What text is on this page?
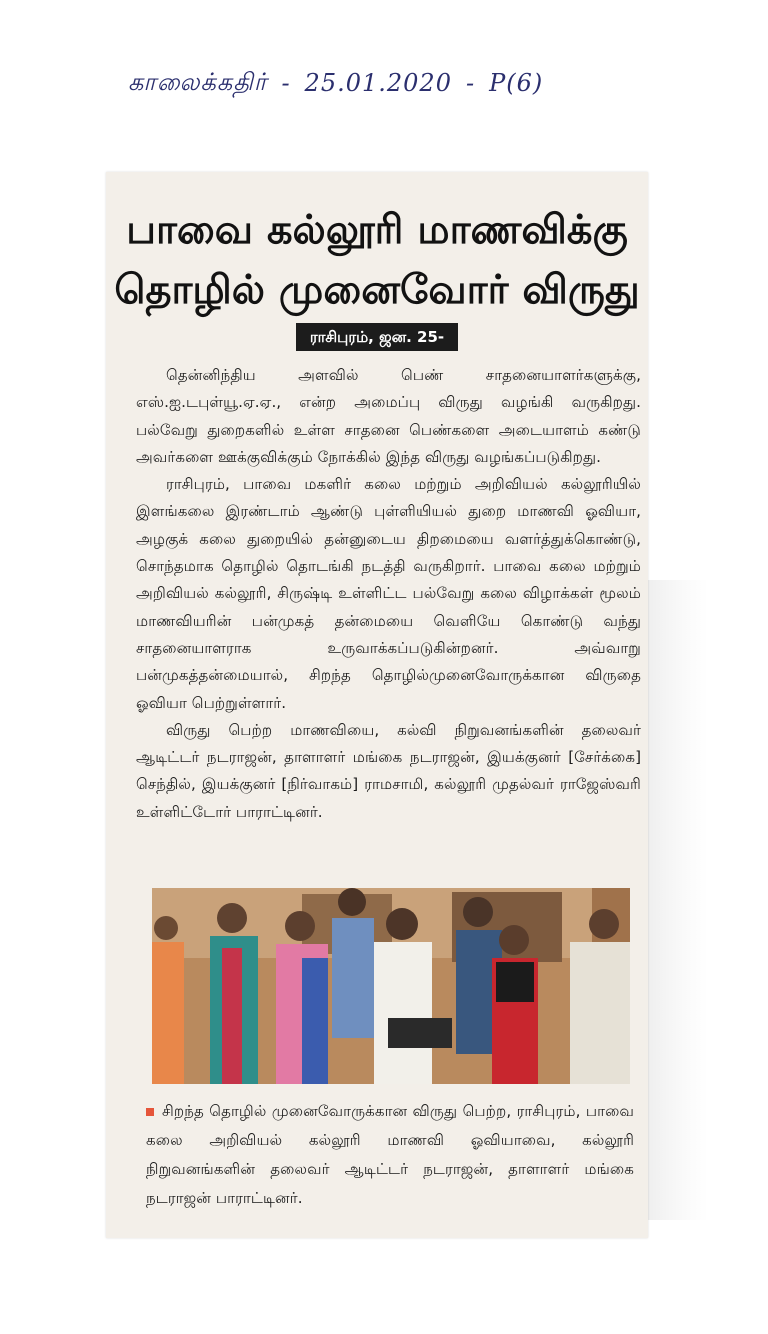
காலைக்கதிர் - 25.01.2020 - P(6)
பாவை கல்லூரி மாணவிக்கு
தொழில் முனைவோர் விருது
ராசிபுரம், ஜன. 25-

தென்னிந்திய அளவில் பெண் சாதனையாளர்களுக்கு, எஸ்.ஐ.டபுள்யூ.ஏ.ஏ., என்ற அமைப்பு விருது வழங்கி வருகிறது. பல்வேறு துறைகளில் உள்ள சாதனை பெண்களை அடையாளம் கண்டு அவர்களை ஊக்குவிக்கும் நோக்கில் இந்த விருது வழங்கப்படுகிறது.

ராசிபுரம், பாவை மகளிர் கலை மற்றும் அறிவியல் கல்லூரியில் இளங்கலை இரண்டாம் ஆண்டு புள்ளியியல் துறை மாணவி ஓவியா, அழகுக் கலை துறையில் தன்னுடைய திறமையை வளர்த்துக்கொண்டு, சொந்தமாக தொழில் தொடங்கி நடத்தி வருகிறார். பாவை கலை மற்றும் அறிவியல் கல்லூரி, சிருஷ்டி உள்ளிட்ட பல்வேறு கலை விழாக்கள் மூலம் மாணவியரின் பன்முகத் தன்மையை வெளியே கொண்டு வந்து சாதனையாளராக உருவாக்கப்படுகின்றனர். அவ்வாறு பன்முகத்தன்மையால், சிறந்த தொழில்முனைவோருக்கான விருதை ஓவியா பெற்றுள்ளார்.

விருது பெற்ற மாணவியை, கல்வி நிறுவனங்களின் தலைவர் ஆடிட்டர் நடராஜன், தாளாளர் மங்கை நடராஜன், இயக்குனர் [சேர்க்கை] செந்தில், இயக்குனர் [நிர்வாகம்] ராமசாமி, கல்லூரி முதல்வர் ராஜேஸ்வரி உள்ளிட்டோர் பாராட்டினர்.

சிறந்த தொழில் முனைவோருக்கான விருது பெற்ற, ராசிபுரம், பாவை கலை அறிவியல் கல்லூரி மாணவி ஓவியாவை, கல்லூரி நிறுவனங்களின் தலைவர் ஆடிட்டர் நடராஜன், தாளாளர் மங்கை நடராஜன் பாராட்டினர்.
